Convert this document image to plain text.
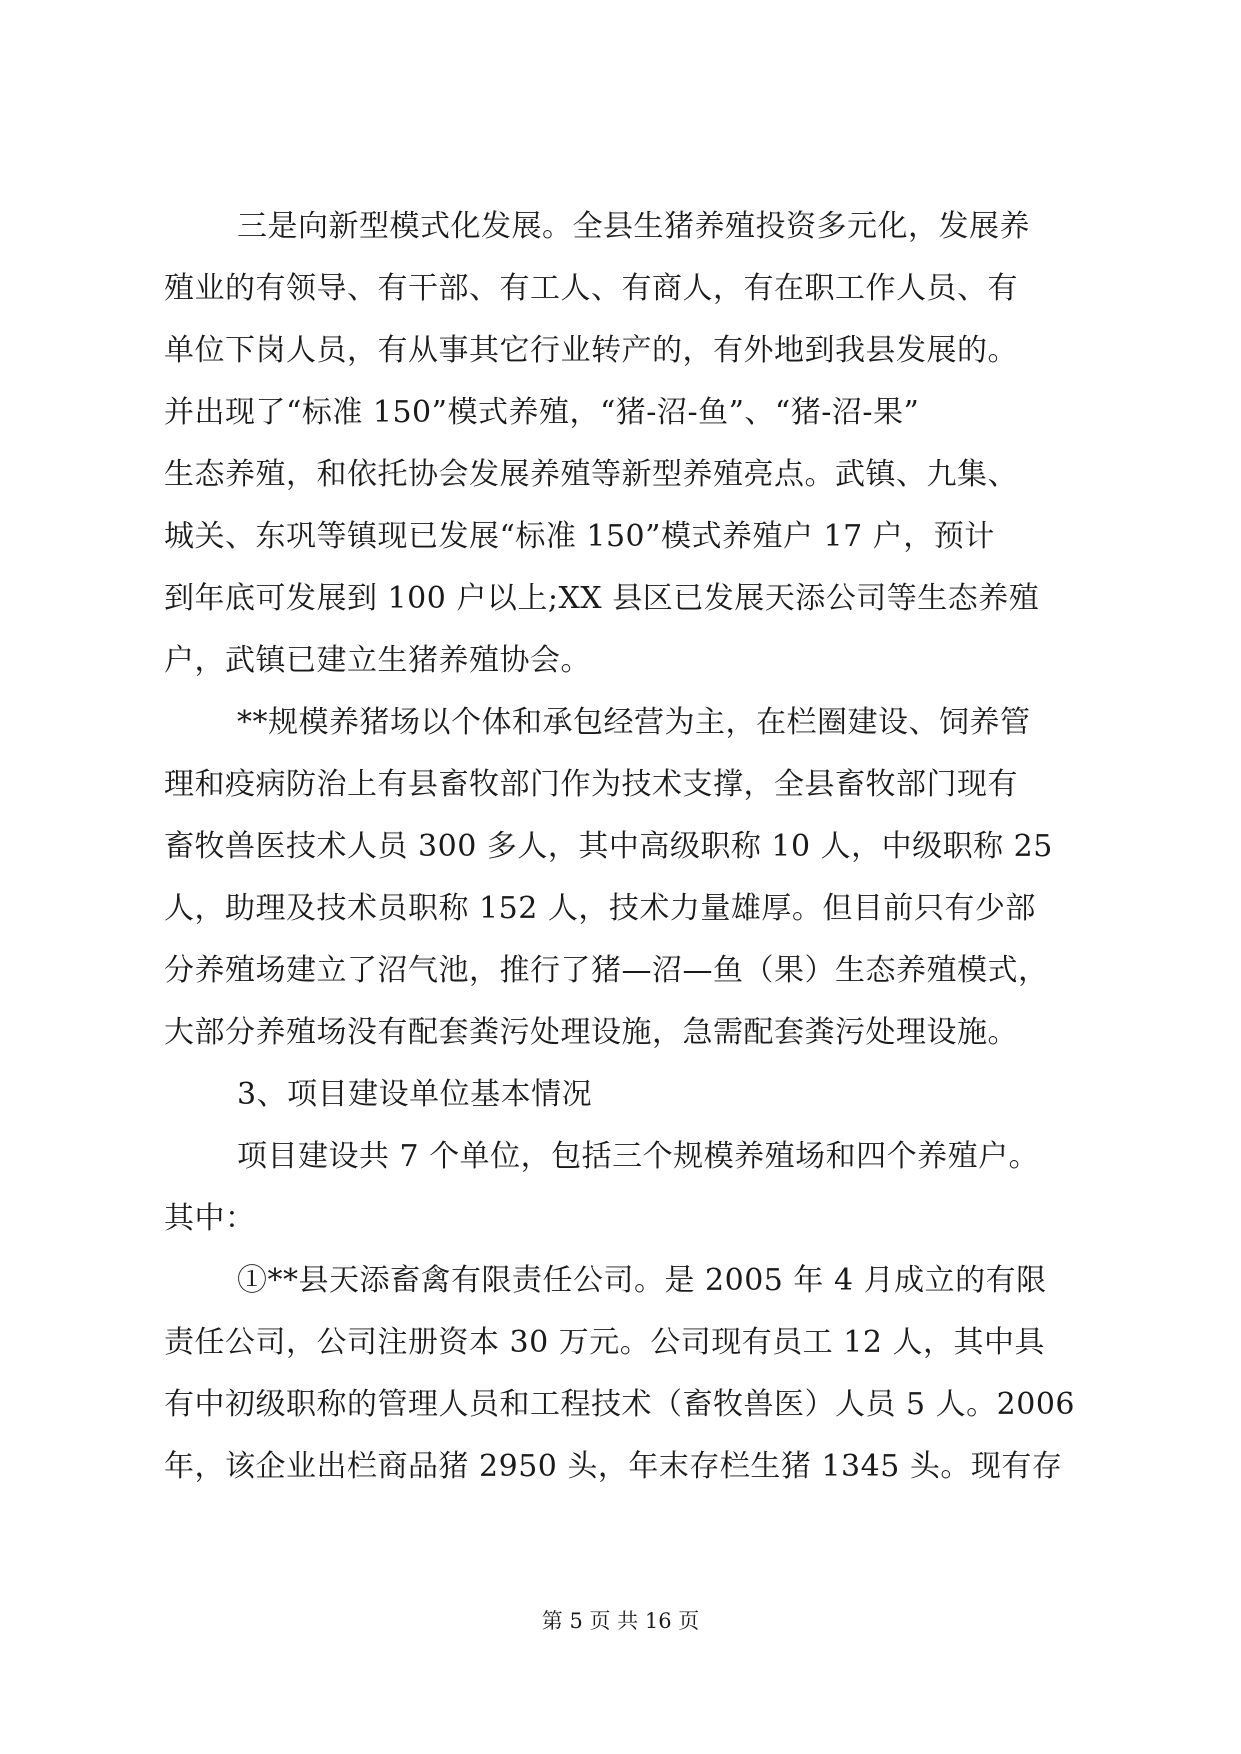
三是向新型模式化发展。全县生猪养殖投资多元化，发展养
殖业的有领导、有干部、有工人、有商人，有在职工作人员、有
单位下岗人员，有从事其它行业转产的，有外地到我县发展的。
并出现了“标准 150”模式养殖，“猪-沼-鱼”、“猪-沼-果”
生态养殖，和依托协会发展养殖等新型养殖亮点。武镇、九集、
城关、东巩等镇现已发展“标准 150”模式养殖户 17 户，预计
到年底可发展到 100 户以上;XX 县区已发展天添公司等生态养殖
户，武镇已建立生猪养殖协会。
**规模养猪场以个体和承包经营为主，在栏圈建设、饲养管
理和疫病防治上有县畜牧部门作为技术支撑，全县畜牧部门现有
畜牧兽医技术人员 300 多人，其中高级职称 10 人，中级职称 25
人，助理及技术员职称 152 人，技术力量雄厚。但目前只有少部
分养殖场建立了沼气池，推行了猪—沼—鱼（果）生态养殖模式，
大部分养殖场没有配套粪污处理设施，急需配套粪污处理设施。
3、项目建设单位基本情况
项目建设共 7 个单位，包括三个规模养殖场和四个养殖户。
其中：
①**县天添畜禽有限责任公司。是 2005 年 4 月成立的有限
责任公司，公司注册资本 30 万元。公司现有员工 12 人，其中具
有中初级职称的管理人员和工程技术（畜牧兽医）人员 5 人。2006
年，该企业出栏商品猪 2950 头，年末存栏生猪 1345 头。现有存
第 5 页 共 16 页
